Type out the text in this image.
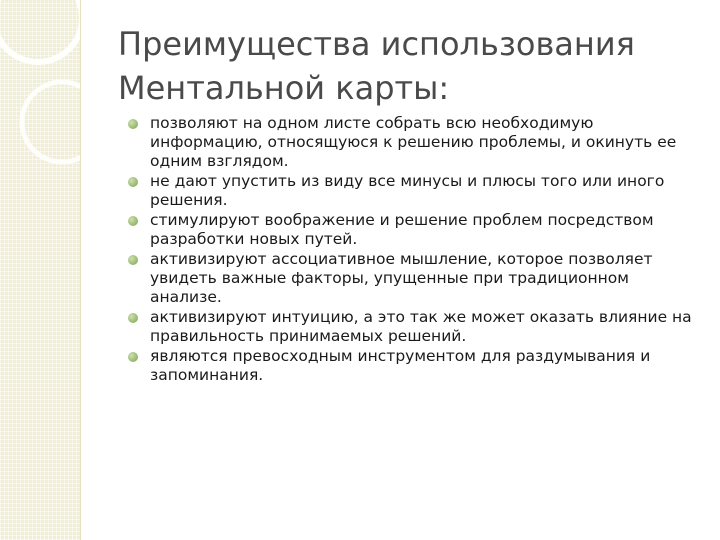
Преимущества использования Ментальной карты:
позволяют на одном листе собрать всю необходимую информацию, относящуюся к решению проблемы, и окинуть ее одним взглядом.
не дают упустить из виду все минусы и плюсы того или иного решения.
стимулируют воображение и решение проблем посредством разработки новых путей.
активизируют ассоциативное мышление, которое позволяет увидеть важные факторы, упущенные при традиционном анализе.
активизируют интуицию, а это так же может оказать влияние на правильность принимаемых решений.
являются превосходным инструментом для раздумывания и запоминания.
